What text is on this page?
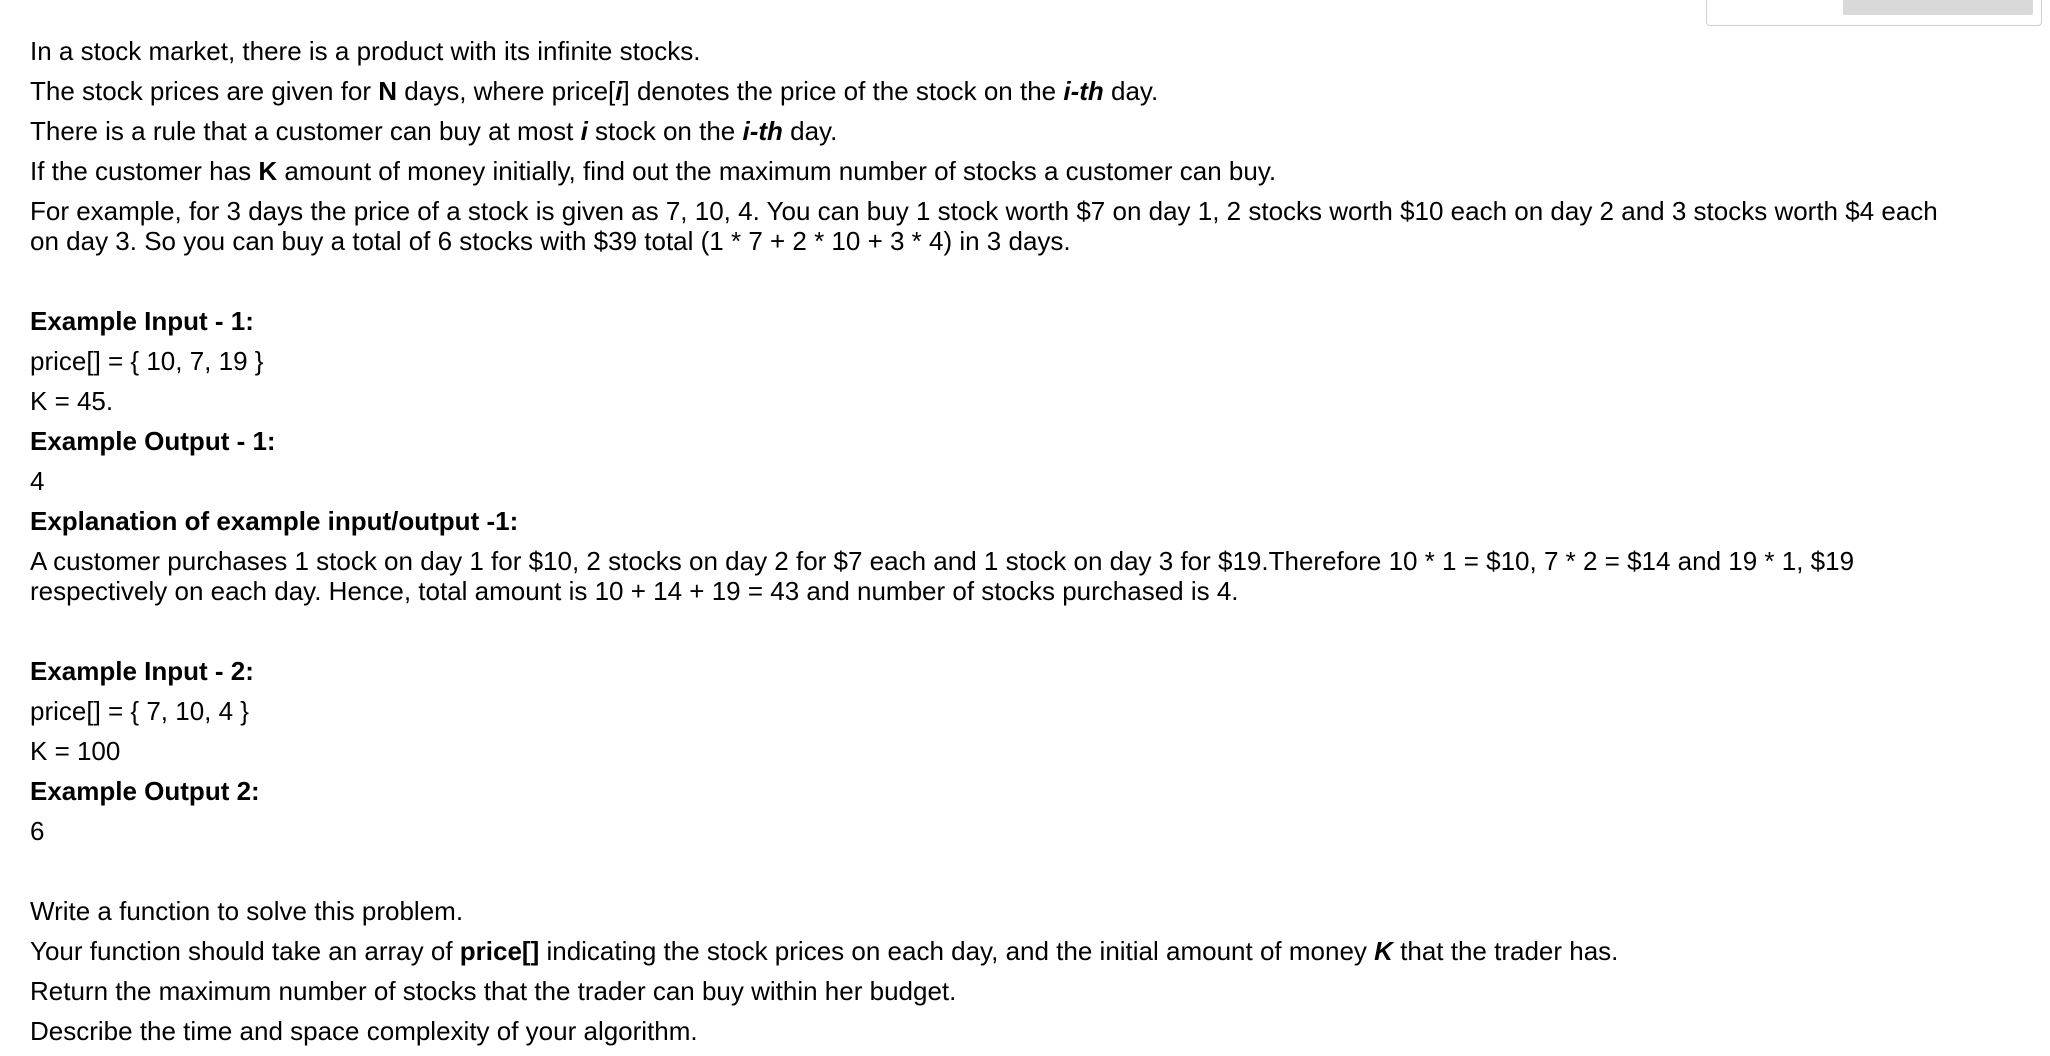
In a stock market, there is a product with its infinite stocks.
The stock prices are given for N days, where price[i] denotes the price of the stock on the i-th day.
There is a rule that a customer can buy at most i stock on the i-th day.
If the customer has K amount of money initially, find out the maximum number of stocks a customer can buy.
For example, for 3 days the price of a stock is given as 7, 10, 4. You can buy 1 stock worth $7 on day 1, 2 stocks worth $10 each on day 2 and 3 stocks worth $4 each
on day 3. So you can buy a total of 6 stocks with $39 total (1 * 7 + 2 * 10 + 3 * 4) in 3 days.
Example Input - 1:
price[] = { 10, 7, 19 }
K = 45.
Example Output - 1:
4
Explanation of example input/output -1:
A customer purchases 1 stock on day 1 for $10, 2 stocks on day 2 for $7 each and 1 stock on day 3 for $19.Therefore 10 * 1 = $10, 7 * 2 = $14 and 19 * 1, $19
respectively on each day. Hence, total amount is 10 + 14 + 19 = 43 and number of stocks purchased is 4.
Example Input - 2:
price[] = { 7, 10, 4 }
K = 100
Example Output 2:
6
Write a function to solve this problem.
Your function should take an array of price[] indicating the stock prices on each day, and the initial amount of money K that the trader has.
Return the maximum number of stocks that the trader can buy within her budget.
Describe the time and space complexity of your algorithm.
